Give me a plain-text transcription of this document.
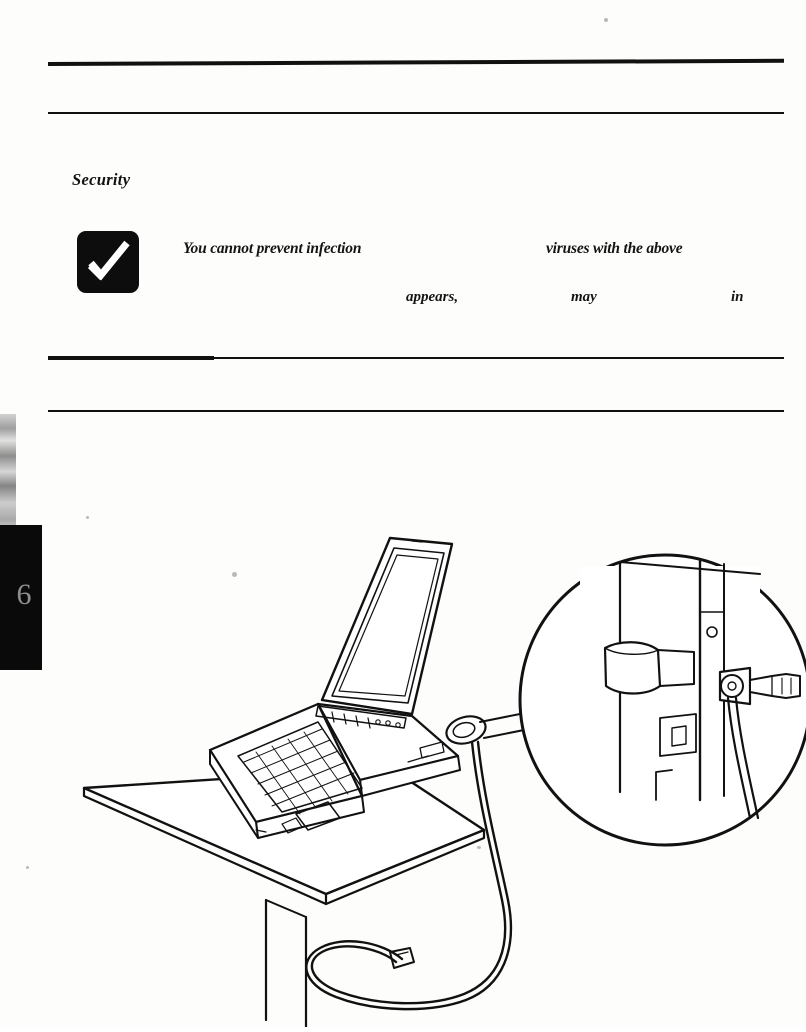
Security
You cannot prevent infection	viruses with the above
appears,	may	in
6
